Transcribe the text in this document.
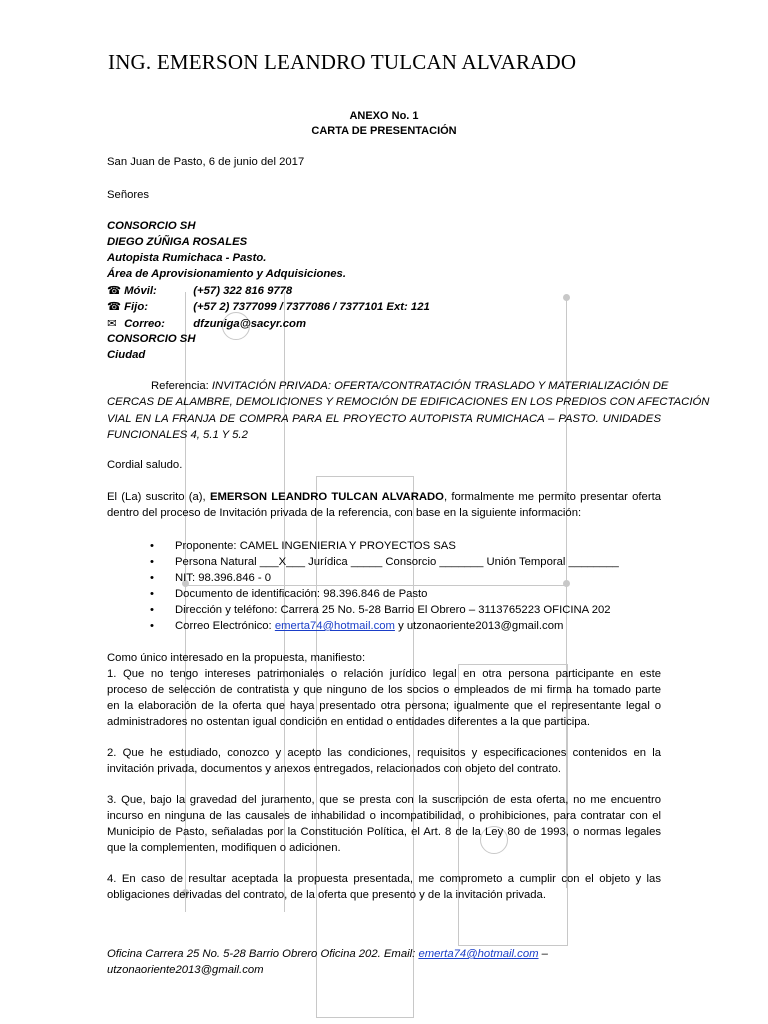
ING. EMERSON LEANDRO TULCAN ALVARADO
ANEXO No. 1
CARTA DE PRESENTACIÓN
San Juan de Pasto, 6 de junio del 2017
Señores
CONSORCIO SH
DIEGO ZÚÑIGA ROSALES
Autopista Rumichaca - Pasto.
Área de Aprovisionamiento y Adquisiciones.
☎ Móvil:	(+57) 322 816 9778
☎ Fijo:	(+57 2) 7377099 / 7377086 / 7377101 Ext: 121
✉ Correo:	dfzuniga@sacyr.com
CONSORCIO SH
Ciudad
Referencia: INVITACIÓN PRIVADA: OFERTA/CONTRATACIÓN TRASLADO Y MATERIALIZACIÓN DE
CERCAS DE ALAMBRE, DEMOLICIONES Y REMOCIÓN DE EDIFICACIONES EN LOS PREDIOS CON AFECTACIÓN
VIAL EN LA FRANJA DE COMPRA PARA EL PROYECTO AUTOPISTA RUMICHACA – PASTO. UNIDADES
FUNCIONALES 4, 5.1 Y 5.2
Cordial saludo.
El (La) suscrito (a), EMERSON LEANDRO TULCAN ALVARADO, formalmente me permito presentar oferta
dentro del proceso de Invitación privada de la referencia, con base en la siguiente información:
• Proponente: CAMEL INGENIERIA Y PROYECTOS SAS
• Persona Natural ___X___ Jurídica _____ Consorcio _______ Unión Temporal ________
• NIT: 98.396.846 - 0
• Documento de identificación: 98.396.846 de Pasto
• Dirección y teléfono: Carrera 25 No. 5-28 Barrio El Obrero – 3113765223 OFICINA 202
• Correo Electrónico: emerta74@hotmail.com y utzonaoriente2013@gmail.com
Como único interesado en la propuesta, manifiesto:
1. Que no tengo intereses patrimoniales o relación jurídico legal en otra persona participante en este
proceso de selección de contratista y que ninguno de los socios o empleados de mi firma ha tomado parte
en la elaboración de la oferta que haya presentado otra persona; igualmente que el representante legal o
administradores no ostentan igual condición en entidad o entidades diferentes a la que participa.
2. Que he estudiado, conozco y acepto las condiciones, requisitos y especificaciones contenidos en la
invitación privada, documentos y anexos entregados, relacionados con objeto del contrato.
3. Que, bajo la gravedad del juramento, que se presta con la suscripción de esta oferta, no me encuentro
incurso en ninguna de las causales de inhabilidad o incompatibilidad, o prohibiciones, para contratar con el
Municipio de Pasto, señaladas por la Constitución Política, el Art. 8 de la Ley 80 de 1993, o normas legales
que la complementen, modifiquen o adicionen.
4. En caso de resultar aceptada la propuesta presentada, me comprometo a cumplir con el objeto y las
obligaciones derivadas del contrato, de la oferta que presento y de la invitación privada.
Oficina Carrera 25 No. 5-28 Barrio Obrero Oficina 202. Email: emerta74@hotmail.com –
utzonaoriente2013@gmail.com
